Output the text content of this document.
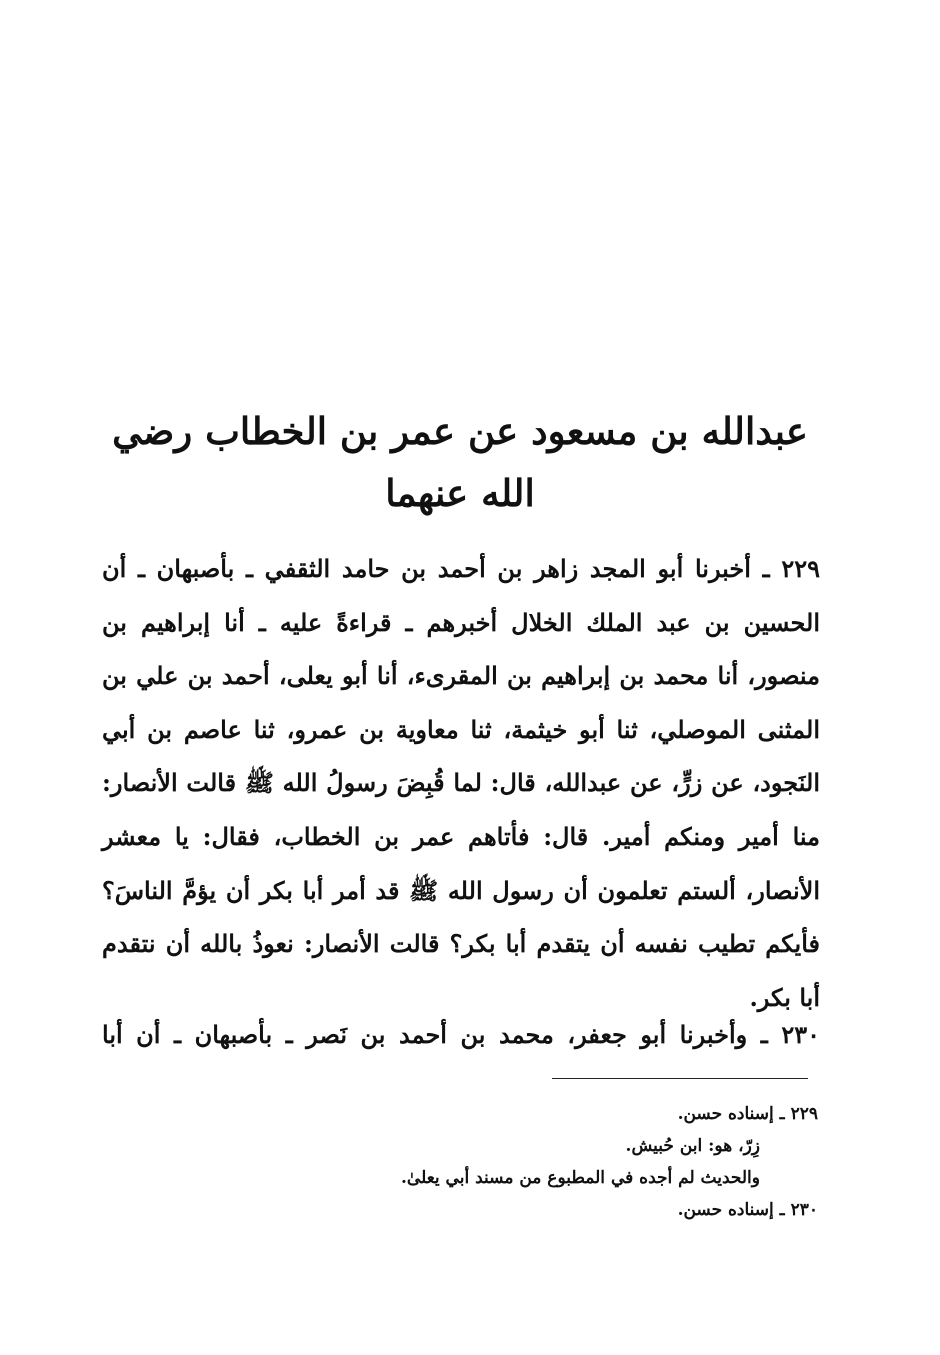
عبدالله بن مسعود عن عمر بن الخطاب رضي الله عنهما

٢٢٩ ـ أخبرنا أبو المجد زاهر بن أحمد بن حامد الثقفي ـ بأصبهان ـ أن الحسين بن عبد الملك الخلال أخبرهم ـ قراءةً عليه ـ أنا إبراهيم بن منصور، أنا محمد بن إبراهيم بن المقرىء، أنا أبو يعلى، أحمد بن علي بن المثنى الموصلي، ثنا أبو خيثمة، ثنا معاوية بن عمرو، ثنا عاصم بن أبي النَجود، عن زرٍّ، عن عبدالله، قال: لما قُبِضَ رسولُ الله ﷺ قالت الأنصار: منا أمير ومنكم أمير. قال: فأتاهم عمر بن الخطاب، فقال: يا معشر الأنصار، ألستم تعلمون أن رسول الله ﷺ قد أمر أبا بكر أن يؤمَّ الناسَ؟ فأيكم تطيب نفسه أن يتقدم أبا بكر؟ قالت الأنصار: نعوذُ بالله أن نتقدم أبا بكر.

٢٣٠ ـ وأخبرنا أبو جعفر، محمد بن أحمد بن نَصر ـ بأصبهان ـ أن أبا

٢٢٩ ـ إسناده حسن.
زِرّ، هو: ابن حُبيش.
والحديث لم أجده في المطبوع من مسند أبي يعلىٰ.
٢٣٠ ـ إسناده حسن.
